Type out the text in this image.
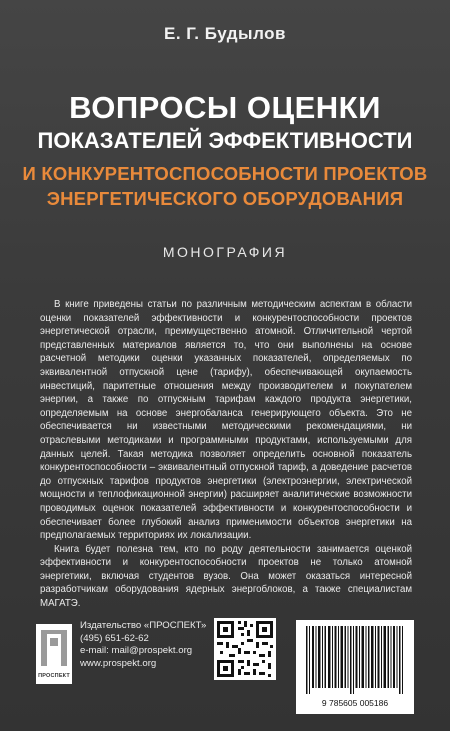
Е. Г. Будылов
ВОПРОСЫ ОЦЕНКИ
ПОКАЗАТЕЛЕЙ ЭФФЕКТИВНОСТИ
И КОНКУРЕНТОСПОСОБНОСТИ ПРОЕКТОВ
ЭНЕРГЕТИЧЕСКОГО ОБОРУДОВАНИЯ
МОНОГРАФИЯ

В книге приведены статьи по различным методическим аспектам в области оценки показателей эффективности и конкурентоспособности проектов энергетической отрасли, преимущественно атомной. Отличительной чертой представленных материалов является то, что они выполнены на основе расчетной методики оценки указанных показателей, определяемых по эквивалентной отпускной цене (тарифу), обеспечивающей окупаемость инвестиций, паритетные отношения между производителем и покупателем энергии, а также по отпускным тарифам каждого продукта энергетики, определяемым на основе энергобаланса генерирующего объекта. Это не обеспечивается ни известными методическими рекомендациями, ни отраслевыми методиками и программными продуктами, используемыми для данных целей. Такая методика позволяет определить основной показатель конкурентоспособности – эквивалентный отпускной тариф, а доведение расчетов до отпускных тарифов продуктов энергетики (электроэнергии, электрической мощности и теплофикационной энергии) расширяет аналитические возможности проводимых оценок показателей эффективности и конкурентоспособности и обеспечивает более глубокий анализ применимости объектов энергетики на предполагаемых территориях их локализации.

Книга будет полезна тем, кто по роду деятельности занимается оценкой эффективности и конкурентоспособности проектов не только атомной энергетики, включая студентов вузов. Она может оказаться интересной разработчикам оборудования ядерных энергоблоков, а также специалистам МАГАТЭ.

ПРОСПЕКТ
Издательство «ПРОСПЕКТ»
(495) 651-62-62
e-mail: mail@prospekt.org
www.prospekt.org
9 785605 005186
